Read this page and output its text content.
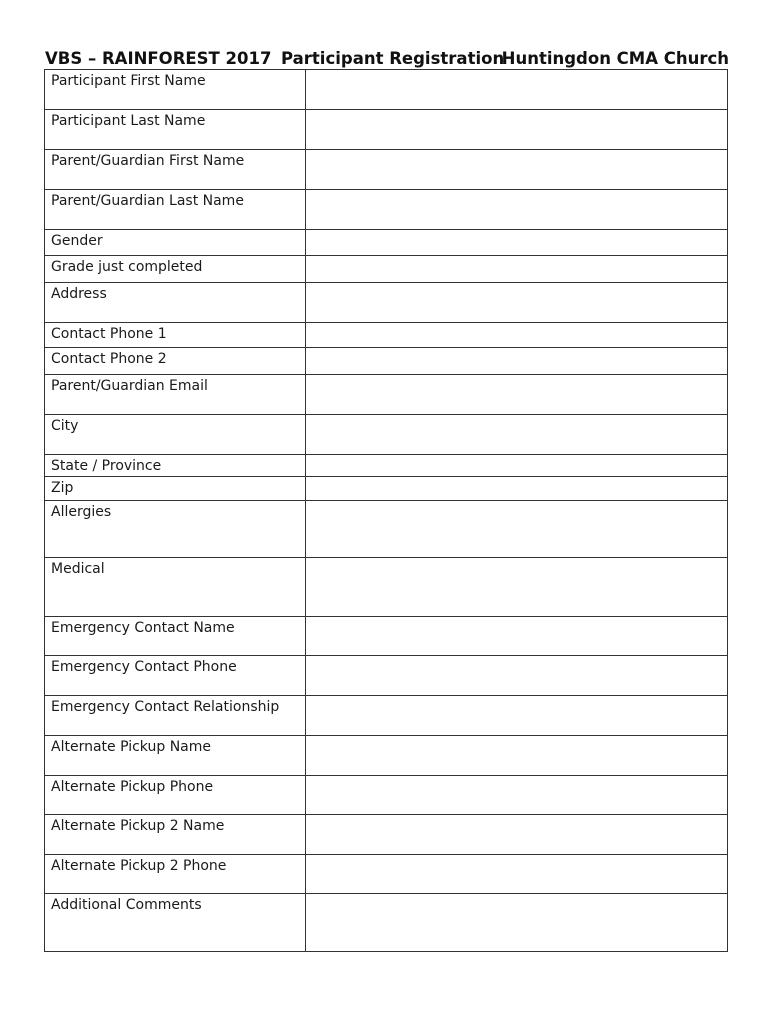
VBS – RAINFOREST 2017 Participant Registration
Huntingdon CMA Church
Participant First Name	
Participant Last Name	
Parent/Guardian First Name	
Parent/Guardian Last Name	
Gender	
Grade just completed	
Address	
Contact Phone 1	
Contact Phone 2	
Parent/Guardian Email	
City	
State / Province	
Zip	
Allergies	
Medical	
Emergency Contact Name	
Emergency Contact Phone	
Emergency Contact Relationship	
Alternate Pickup Name	
Alternate Pickup Phone	
Alternate Pickup 2 Name	
Alternate Pickup 2 Phone	
Additional Comments	
